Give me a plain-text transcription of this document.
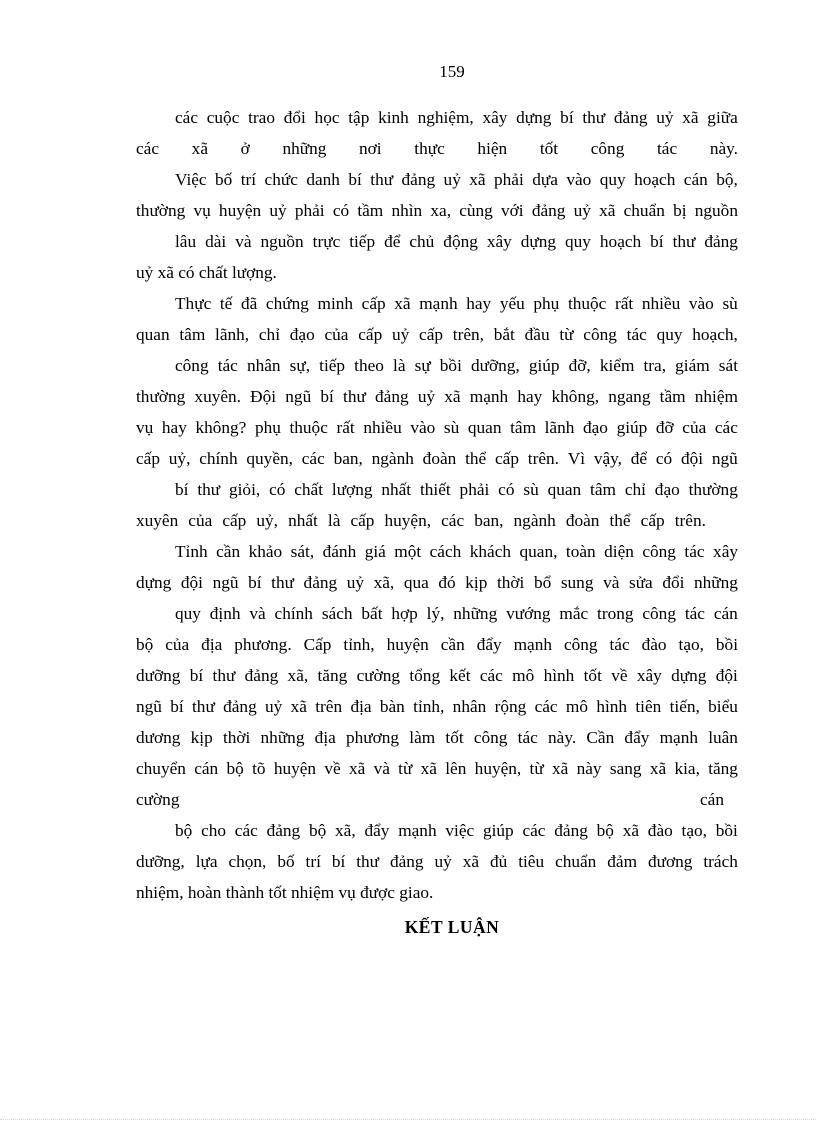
159
các cuộc trao đổi học tập kinh nghiệm, xây dựng bí thư đảng uỷ xã giữa
các xã ở những nơi thực hiện tốt công tác này.
Việc bố trí chức danh bí thư đảng uỷ xã phải dựa vào quy hoạch cán bộ,
thường vụ huyện uỷ phải có tầm nhìn xa, cùng với đảng uỷ xã chuẩn bị nguồn
lâu dài và nguồn trực tiếp để chủ động xây dựng quy hoạch bí thư đảng
uỷ xã có chất lượng.
Thực tế đã chứng minh cấp xã mạnh hay yếu phụ thuộc rất nhiều vào sù
quan tâm lãnh, chỉ đạo của cấp uỷ cấp trên, bắt đầu từ công tác quy hoạch,
công tác nhân sự, tiếp theo là sự bồi dưỡng, giúp đỡ, kiểm tra, giám sát
thường xuyên. Đội ngũ bí thư đảng uỷ xã mạnh hay không, ngang tầm nhiệm
vụ hay không? phụ thuộc rất nhiều vào sù quan tâm lãnh đạo giúp đỡ của các
cấp uỷ, chính quyền, các ban, ngành đoàn thể cấp trên. Vì vậy, để có đội ngũ
bí thư giỏi, có chất lượng nhất thiết phải có sù quan tâm chỉ đạo thường
xuyên của cấp uỷ, nhất là cấp huyện, các ban, ngành đoàn thể cấp trên.
Tỉnh cần khảo sát, đánh giá một cách khách quan, toàn diện công tác xây
dựng đội ngũ bí thư đảng uỷ xã, qua đó kịp thời bổ sung và sửa đổi những
quy định và chính sách bất hợp lý, những vướng mắc trong công tác cán
bộ của địa phương. Cấp tỉnh, huyện cần đẩy mạnh công tác đào tạo, bồi
dưỡng bí thư đảng xã, tăng cường tổng kết các mô hình tốt về xây dựng đội
ngũ bí thư đảng uỷ xã trên địa bàn tỉnh, nhân rộng các mô hình tiên tiến, biểu
dương kịp thời những địa phương làm tốt công tác này. Cần đẩy mạnh luân
chuyển cán bộ tõ huyện về xã và từ xã lên huyện, từ xã này sang xã kia, tăng
cường	cán
bộ cho các đảng bộ xã, đẩy mạnh việc giúp các đảng bộ xã đào tạo, bồi
dưỡng, lựa chọn, bố trí bí thư đảng uỷ xã đủ tiêu chuẩn đảm đương trách
nhiệm, hoàn thành tốt nhiệm vụ được giao.
KẾT LUẬN
